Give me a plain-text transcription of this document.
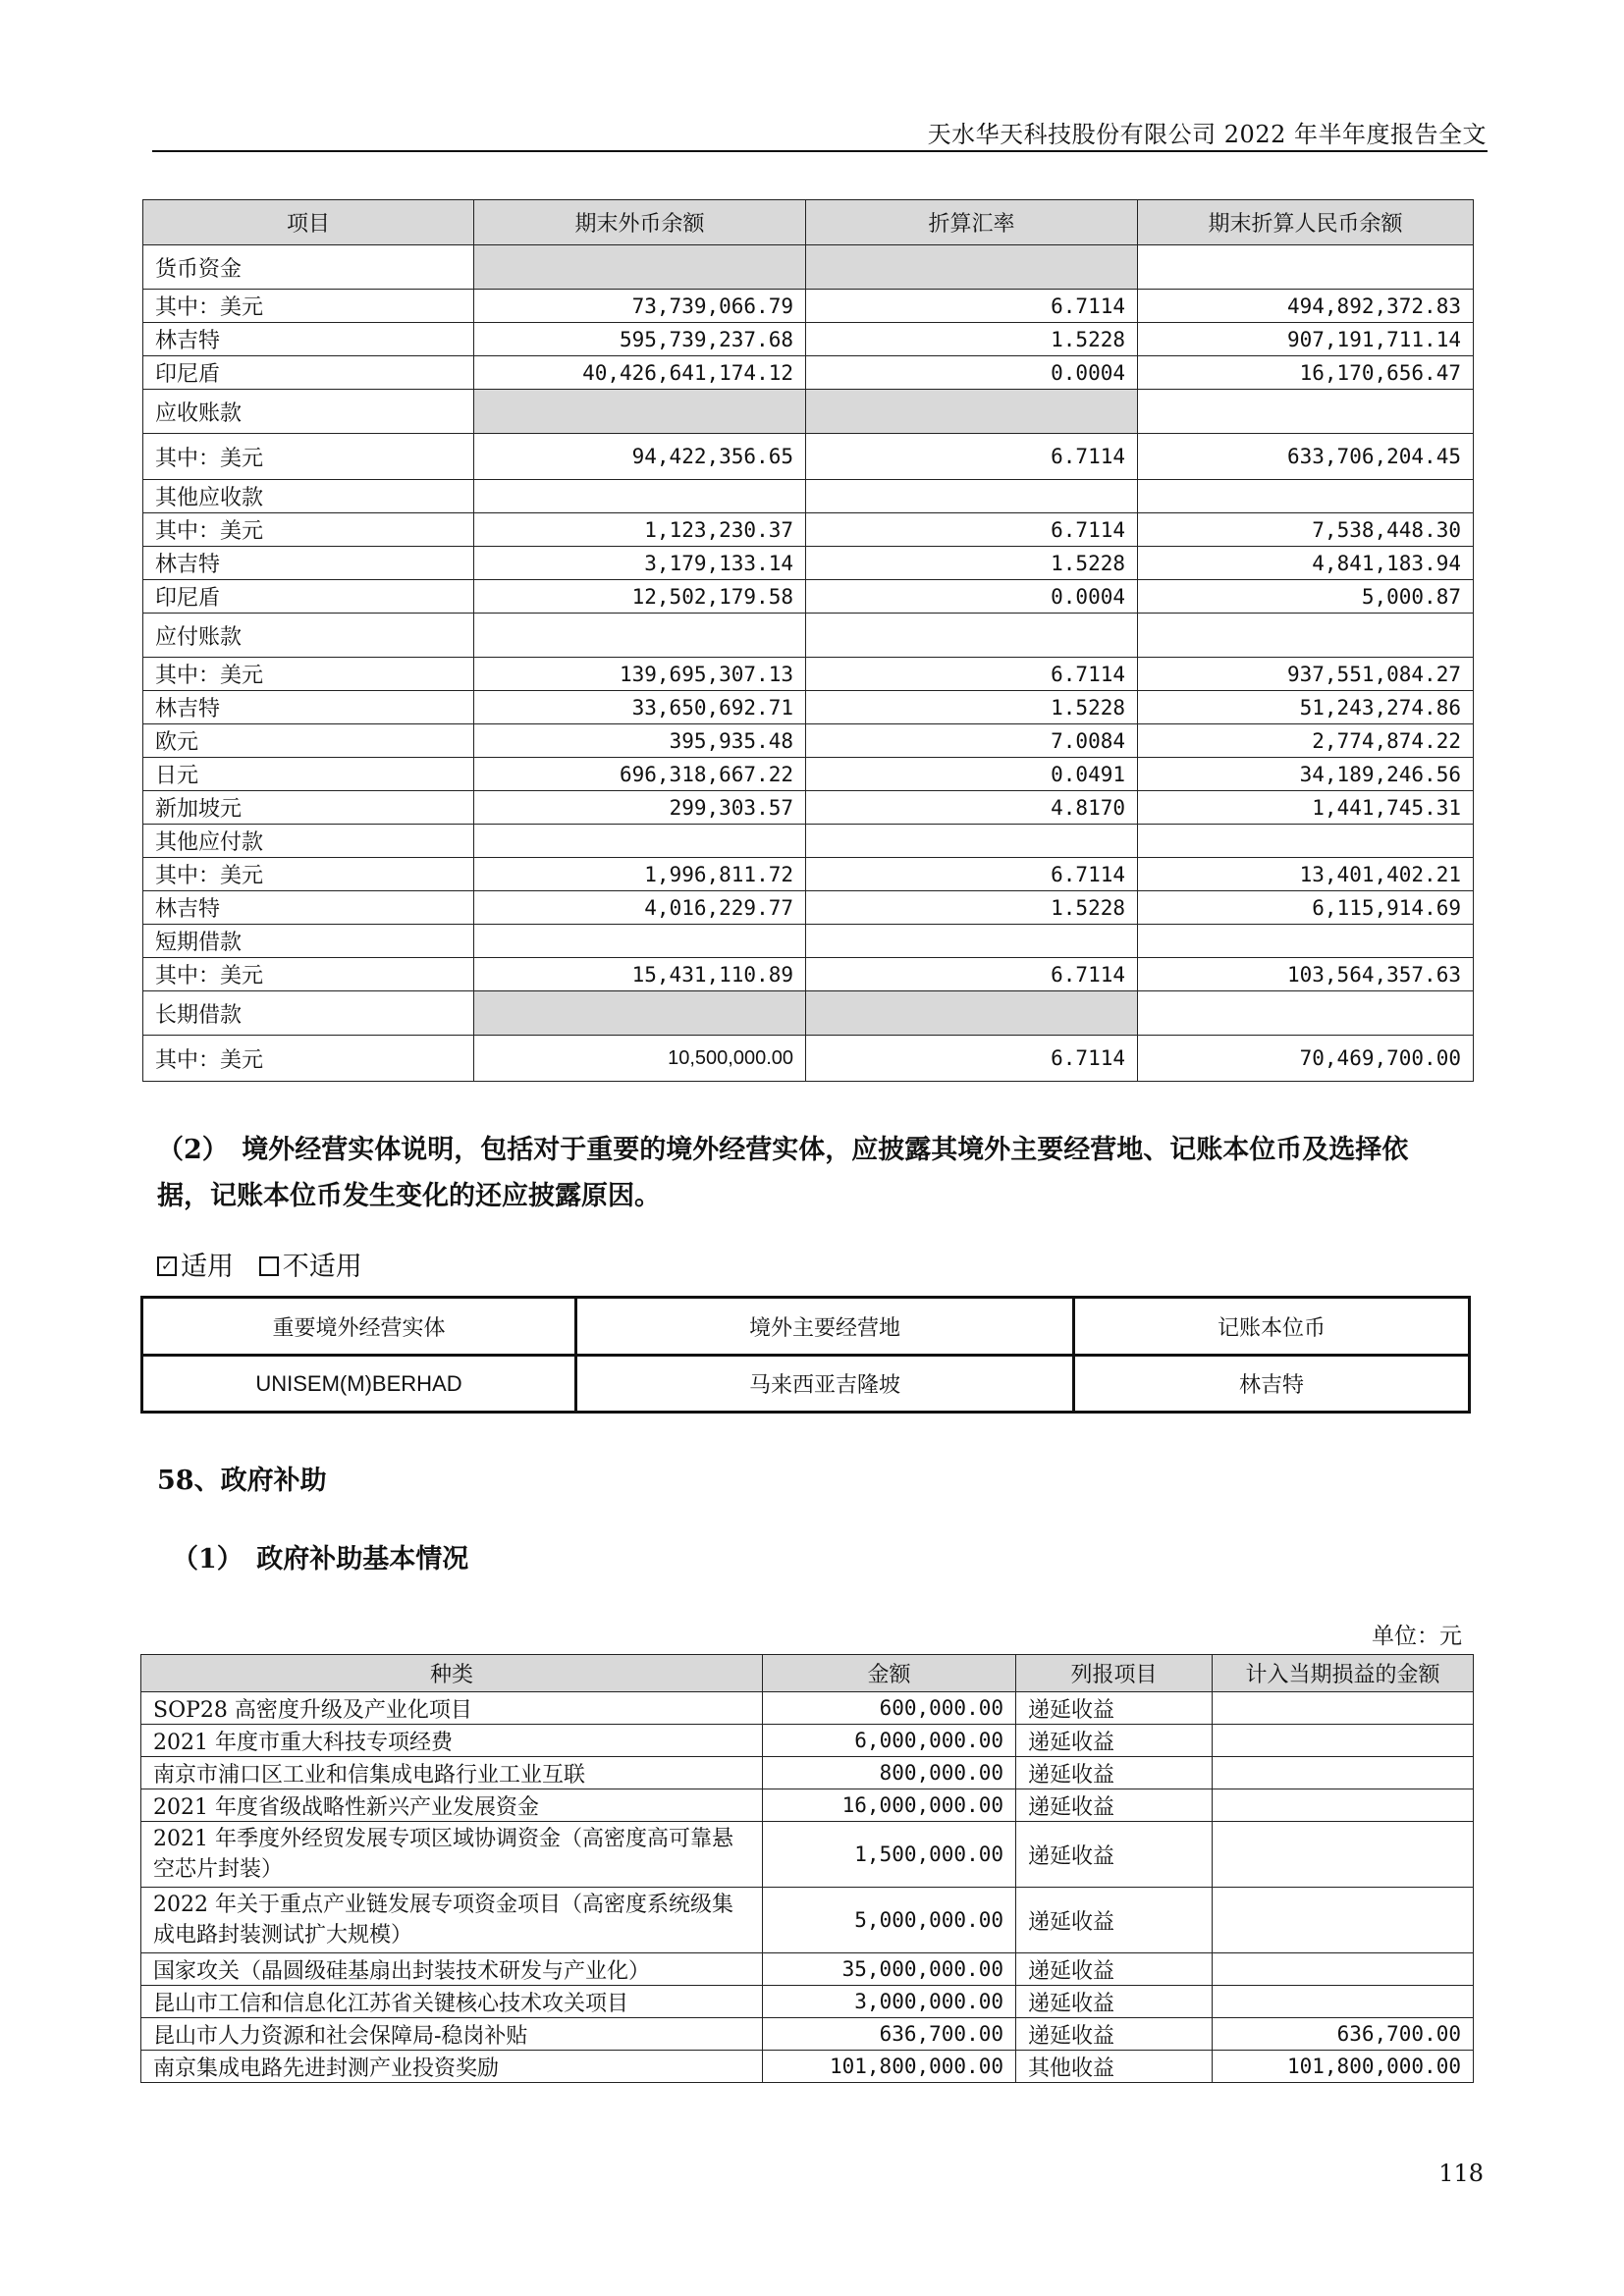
天水华天科技股份有限公司 2022 年半年度报告全文
项目	期末外币余额	折算汇率	期末折算人民币余额
货币资金			
其中：美元	73,739,066.79	6.7114	494,892,372.83
林吉特	595,739,237.68	1.5228	907,191,711.14
印尼盾	40,426,641,174.12	0.0004	16,170,656.47
应收账款			
其中：美元	94,422,356.65	6.7114	633,706,204.45
其他应收款			
其中：美元	1,123,230.37	6.7114	7,538,448.30
林吉特	3,179,133.14	1.5228	4,841,183.94
印尼盾	12,502,179.58	0.0004	5,000.87
应付账款			
其中：美元	139,695,307.13	6.7114	937,551,084.27
林吉特	33,650,692.71	1.5228	51,243,274.86
欧元	395,935.48	7.0084	2,774,874.22
日元	696,318,667.22	0.0491	34,189,246.56
新加坡元	299,303.57	4.8170	1,441,745.31
其他应付款			
其中：美元	1,996,811.72	6.7114	13,401,402.21
林吉特	4,016,229.77	1.5228	6,115,914.69
短期借款			
其中：美元	15,431,110.89	6.7114	103,564,357.63
长期借款			
其中：美元	10,500,000.00	6.7114	70,469,700.00
（2）　境外经营实体说明，包括对于重要的境外经营实体，应披露其境外主要经营地、记账本位币及选择依据，记账本位币发生变化的还应披露原因。
✓ 适用 不适用
重要境外经营实体	境外主要经营地	记账本位币
UNISEM(M)BERHAD	马来西亚吉隆坡	林吉特
58、政府补助
（1）　政府补助基本情况
单位：元
种类	金额	列报项目	计入当期损益的金额
SOP28 高密度升级及产业化项目	600,000.00	递延收益	
2021 年度市重大科技专项经费	6,000,000.00	递延收益	
南京市浦口区工业和信集成电路行业工业互联	800,000.00	递延收益	
2021 年度省级战略性新兴产业发展资金	16,000,000.00	递延收益	
2021 年季度外经贸发展专项区域协调资金（高密度高可靠悬空芯片封装）	1,500,000.00	递延收益	
2022 年关于重点产业链发展专项资金项目（高密度系统级集成电路封装测试扩大规模）	5,000,000.00	递延收益	
国家攻关（晶圆级硅基扇出封装技术研发与产业化）	35,000,000.00	递延收益	
昆山市工信和信息化江苏省关键核心技术攻关项目	3,000,000.00	递延收益	
昆山市人力资源和社会保障局-稳岗补贴	636,700.00	递延收益	636,700.00
南京集成电路先进封测产业投资奖励	101,800,000.00	其他收益	101,800,000.00
118
